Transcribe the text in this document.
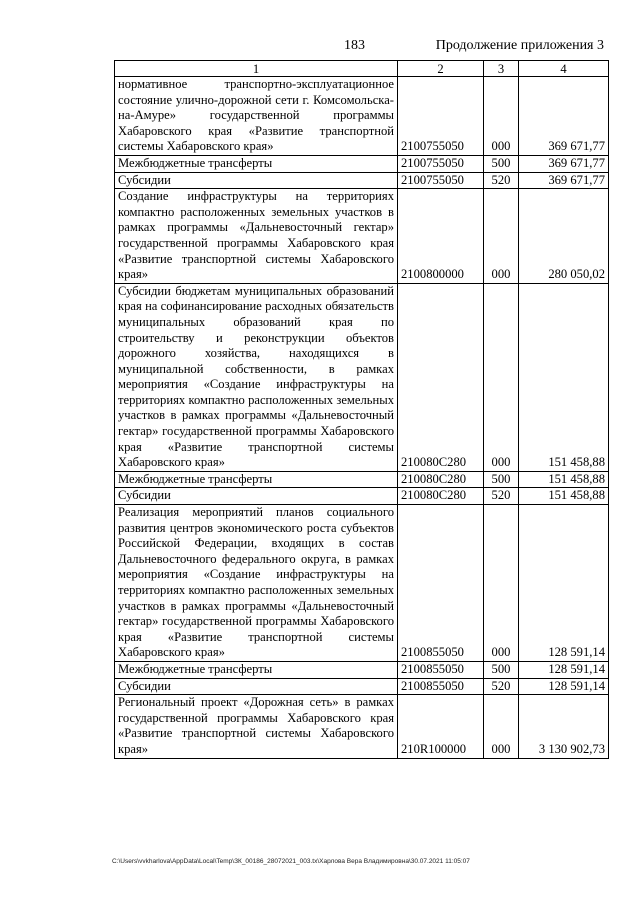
183	Продолжение приложения 3
1	2	3	4
нормативное транспортно-эксплуатационное состояние улично-дорожной сети г. Комсомольска-на-Амуре» государственной программы Хабаровского края «Развитие транспортной системы Хабаровского края»	2100755050	000	369 671,77
Межбюджетные трансферты	2100755050	500	369 671,77
Субсидии	2100755050	520	369 671,77
Создание инфраструктуры на территориях компактно расположенных земельных участков в рамках программы «Дальневосточный гектар» государственной программы Хабаровского края «Развитие транспортной системы Хабаровского края»	2100800000	000	280 050,02
Субсидии бюджетам муниципальных образований края на софинансирование расходных обязательств муниципальных образований края по строительству и реконструкции объектов дорожного хозяйства, находящихся в муниципальной собственности, в рамках мероприятия «Создание инфраструктуры на территориях компактно расположенных земельных участков в рамках программы «Дальневосточный гектар» государственной программы Хабаровского края «Развитие транспортной системы Хабаровского края»	210080С280	000	151 458,88
Межбюджетные трансферты	210080С280	500	151 458,88
Субсидии	210080С280	520	151 458,88
Реализация мероприятий планов социального развития центров экономического роста субъектов Российской Федерации, входящих в состав Дальневосточного федерального округа, в рамках мероприятия «Создание инфраструктуры на территориях компактно расположенных земельных участков в рамках программы «Дальневосточный гектар» государственной программы Хабаровского края «Развитие транспортной системы Хабаровского края»	2100855050	000	128 591,14
Межбюджетные трансферты	2100855050	500	128 591,14
Субсидии	2100855050	520	128 591,14
Региональный проект «Дорожная сеть» в рамках государственной программы Хабаровского края «Развитие транспортной системы Хабаровского края»	210R100000	000	3 130 902,73
C:\Users\vvkharlova\AppData\Local\Temp\ЗК_00186_28072021_003.tx\Харлова Вера Владимировна\30.07.2021 11:05:07
